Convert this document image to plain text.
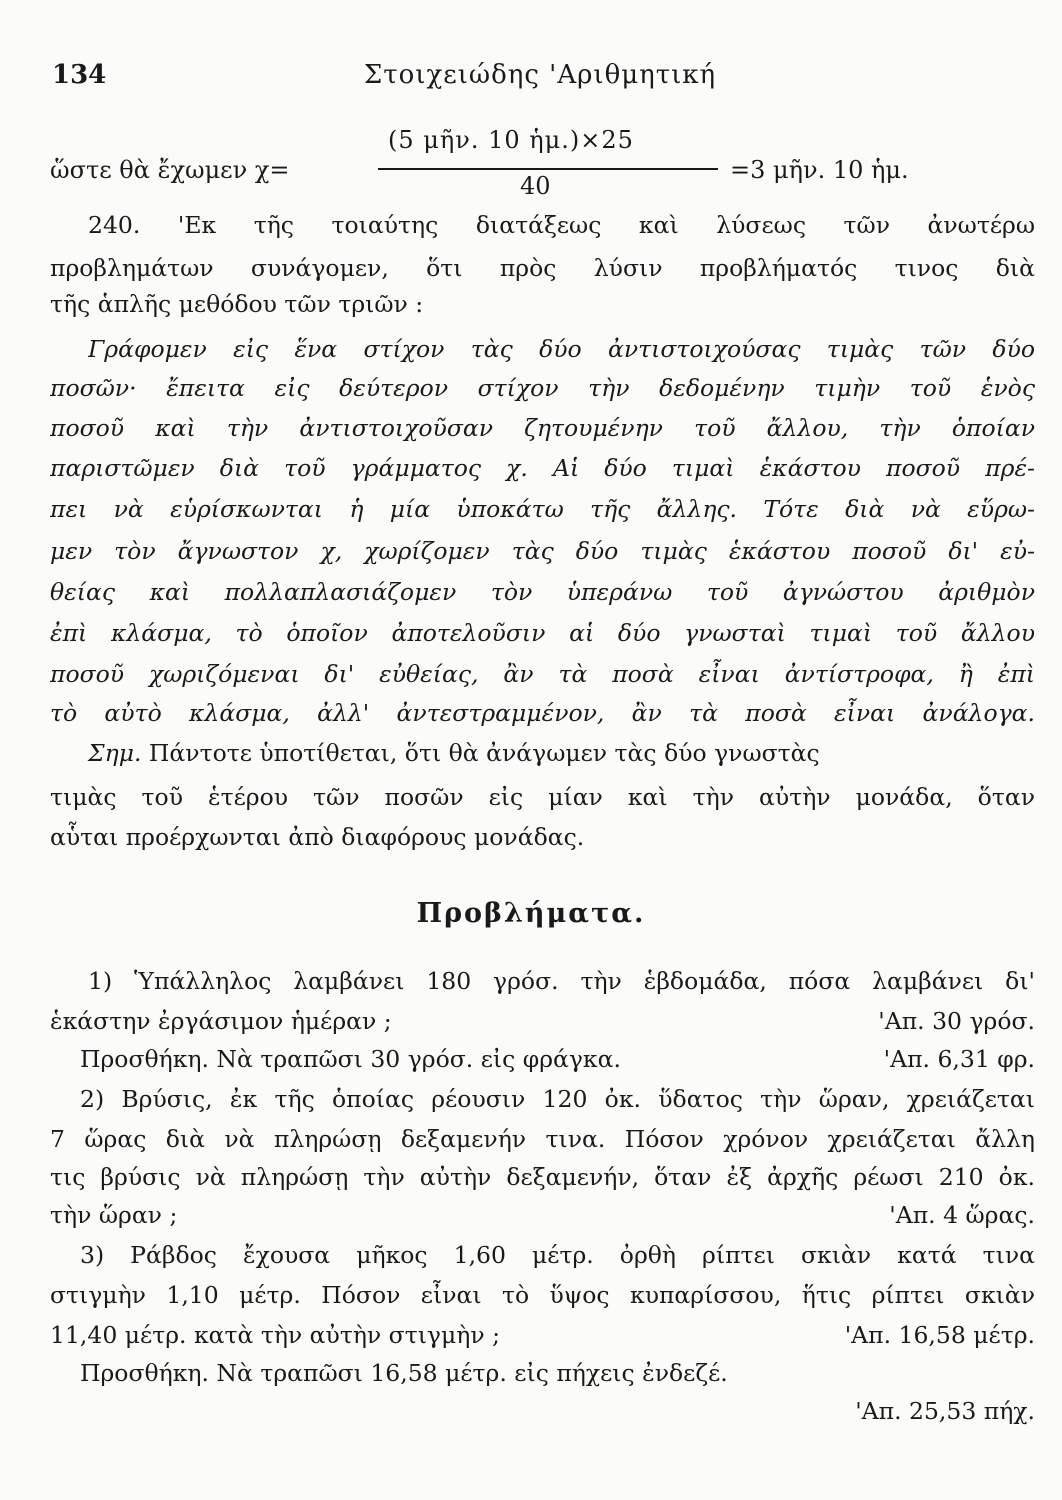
134	Στοιχειώδης 'Αριθμητική
ὥστε θὰ ἔχωμεν χ=
(5 μῆν. 10 ἡμ.)⨯25
40
=3 μῆν. 10 ἡμ.
240. 'Εκ τῆς τοιαύτης διατάξεως καὶ λύσεως τῶν ἀνωτέρω
προβλημάτων συνάγομεν, ὅτι πρὸς λύσιν προβλήματός τινος διὰ
τῆς ἁπλῆς μεθόδου τῶν τριῶν :
Γράφομεν εἰς ἕνα στίχον τὰς δύο ἀντιστοιχούσας τιμὰς τῶν δύο
ποσῶν· ἔπειτα εἰς δεύτερον στίχον τὴν δεδομένην τιμὴν τοῦ ἑνὸς
ποσοῦ καὶ τὴν ἀντιστοιχοῦσαν ζητουμένην τοῦ ἄλλου, τὴν ὁποίαν
παριστῶμεν διὰ τοῦ γράμματος χ. Αἱ δύο τιμαὶ ἑκάστου ποσοῦ πρέ-
πει νὰ εὑρίσκωνται ἡ μία ὑποκάτω τῆς ἄλλης. Τότε διὰ νὰ εὕρω-
μεν τὸν ἄγνωστον χ, χωρίζομεν τὰς δύο τιμὰς ἑκάστου ποσοῦ δι' εὐ-
θείας καὶ πολλαπλασιάζομεν τὸν ὑπεράνω τοῦ ἀγνώστου ἀριθμὸν
ἐπὶ κλάσμα, τὸ ὁποῖον ἀποτελοῦσιν αἱ δύο γνωσταὶ τιμαὶ τοῦ ἄλλου
ποσοῦ χωριζόμεναι δι' εὐθείας, ἂν τὰ ποσὰ εἶναι ἀντίστροφα, ἢ ἐπὶ
τὸ αὐτὸ κλάσμα, ἀλλ' ἀντεστραμμένον, ἂν τὰ ποσὰ εἶναι ἀνάλογα.
Σημ. Πάντοτε ὑποτίθεται, ὅτι θὰ ἀνάγωμεν τὰς δύο γνωστὰς
τιμὰς τοῦ ἑτέρου τῶν ποσῶν εἰς μίαν καὶ τὴν αὐτὴν μονάδα, ὅταν
αὗται προέρχωνται ἀπὸ διαφόρους μονάδας.
Προβλήματα.
1) Ὑπάλληλος λαμβάνει 180 γρόσ. τὴν ἑβδομάδα, πόσα λαμβάνει δι'
ἑκάστην ἐργάσιμον ἡμέραν ;	'Απ. 30 γρόσ.
Προσθήκη. Νὰ τραπῶσι 30 γρόσ. εἰς φράγκα.	'Απ. 6,31 φρ.
2) Βρύσις, ἐκ τῆς ὁποίας ρέουσιν 120 ὀκ. ὕδατος τὴν ὥραν, χρειάζεται
7 ὥρας διὰ νὰ πληρώσῃ δεξαμενήν τινα. Πόσον χρόνον χρειάζεται ἄλλη
τις βρύσις νὰ πληρώσῃ τὴν αὐτὴν δεξαμενήν, ὅταν ἐξ ἀρχῆς ρέωσι 210 ὀκ.
τὴν ὥραν ;	'Απ. 4 ὥρας.
3) Ράβδος ἔχουσα μῆκος 1,60 μέτρ. ὀρθὴ ρίπτει σκιὰν κατά τινα
στιγμὴν 1,10 μέτρ. Πόσον εἶναι τὸ ὕψος κυπαρίσσου, ἥτις ρίπτει σκιὰν
11,40 μέτρ. κατὰ τὴν αὐτὴν στιγμὴν ;	'Απ. 16,58 μέτρ.
Προσθήκη. Νὰ τραπῶσι 16,58 μέτρ. εἰς πήχεις ἐνδεζέ.
'Απ. 25,53 πήχ.
